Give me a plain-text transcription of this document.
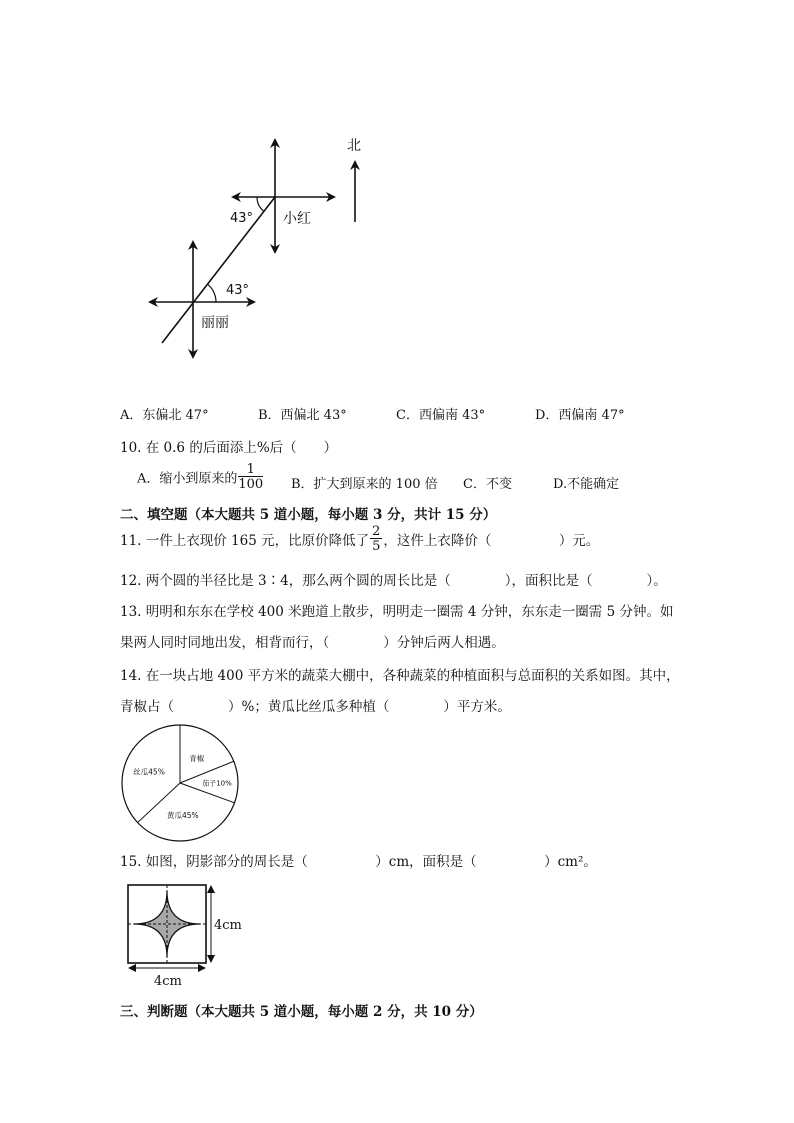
北
小红
43°
43°
丽丽
A．东偏北 47°	B．西偏北 43°	C．西偏南 43°	D．西偏南 47°
10. 在 0.6 的后面添上%后（　　）
A．缩小到原来的 $\frac{1}{100}$ B．扩大到原来的 100 倍 C．不变	D.不能确定
二、填空题（本大题共 5 道小题，每小题 3 分，共计 15 分）
11. 一件上衣现价 165 元，比原价降低了 $\frac{2}{5}$ ，这件上衣降价（　　　　　）元。
12. 两个圆的半径比是 3∶4，那么两个圆的周长比是（　　　　），面积比是（　　　　）。
13. 明明和东东在学校 400 米跑道上散步，明明走一圈需 4 分钟，东东走一圈需 5 分钟。如
果两人同时同地出发，相背而行，（　　　　）分钟后两人相遇。
14. 在一块占地 400 平方米的蔬菜大棚中，各种蔬菜的种植面积与总面积的关系如图。其中，
青椒占（　　　　）%；黄瓜比丝瓜多种植（　　　　）平方米。
青椒
茄子10%
黄瓜45%
丝瓜45%
15. 如图，阴影部分的周长是（　　　　　）cm，面积是（　　　　　）cm²。
4cm
4cm
三、判断题（本大题共 5 道小题，每小题 2 分，共 10 分）
